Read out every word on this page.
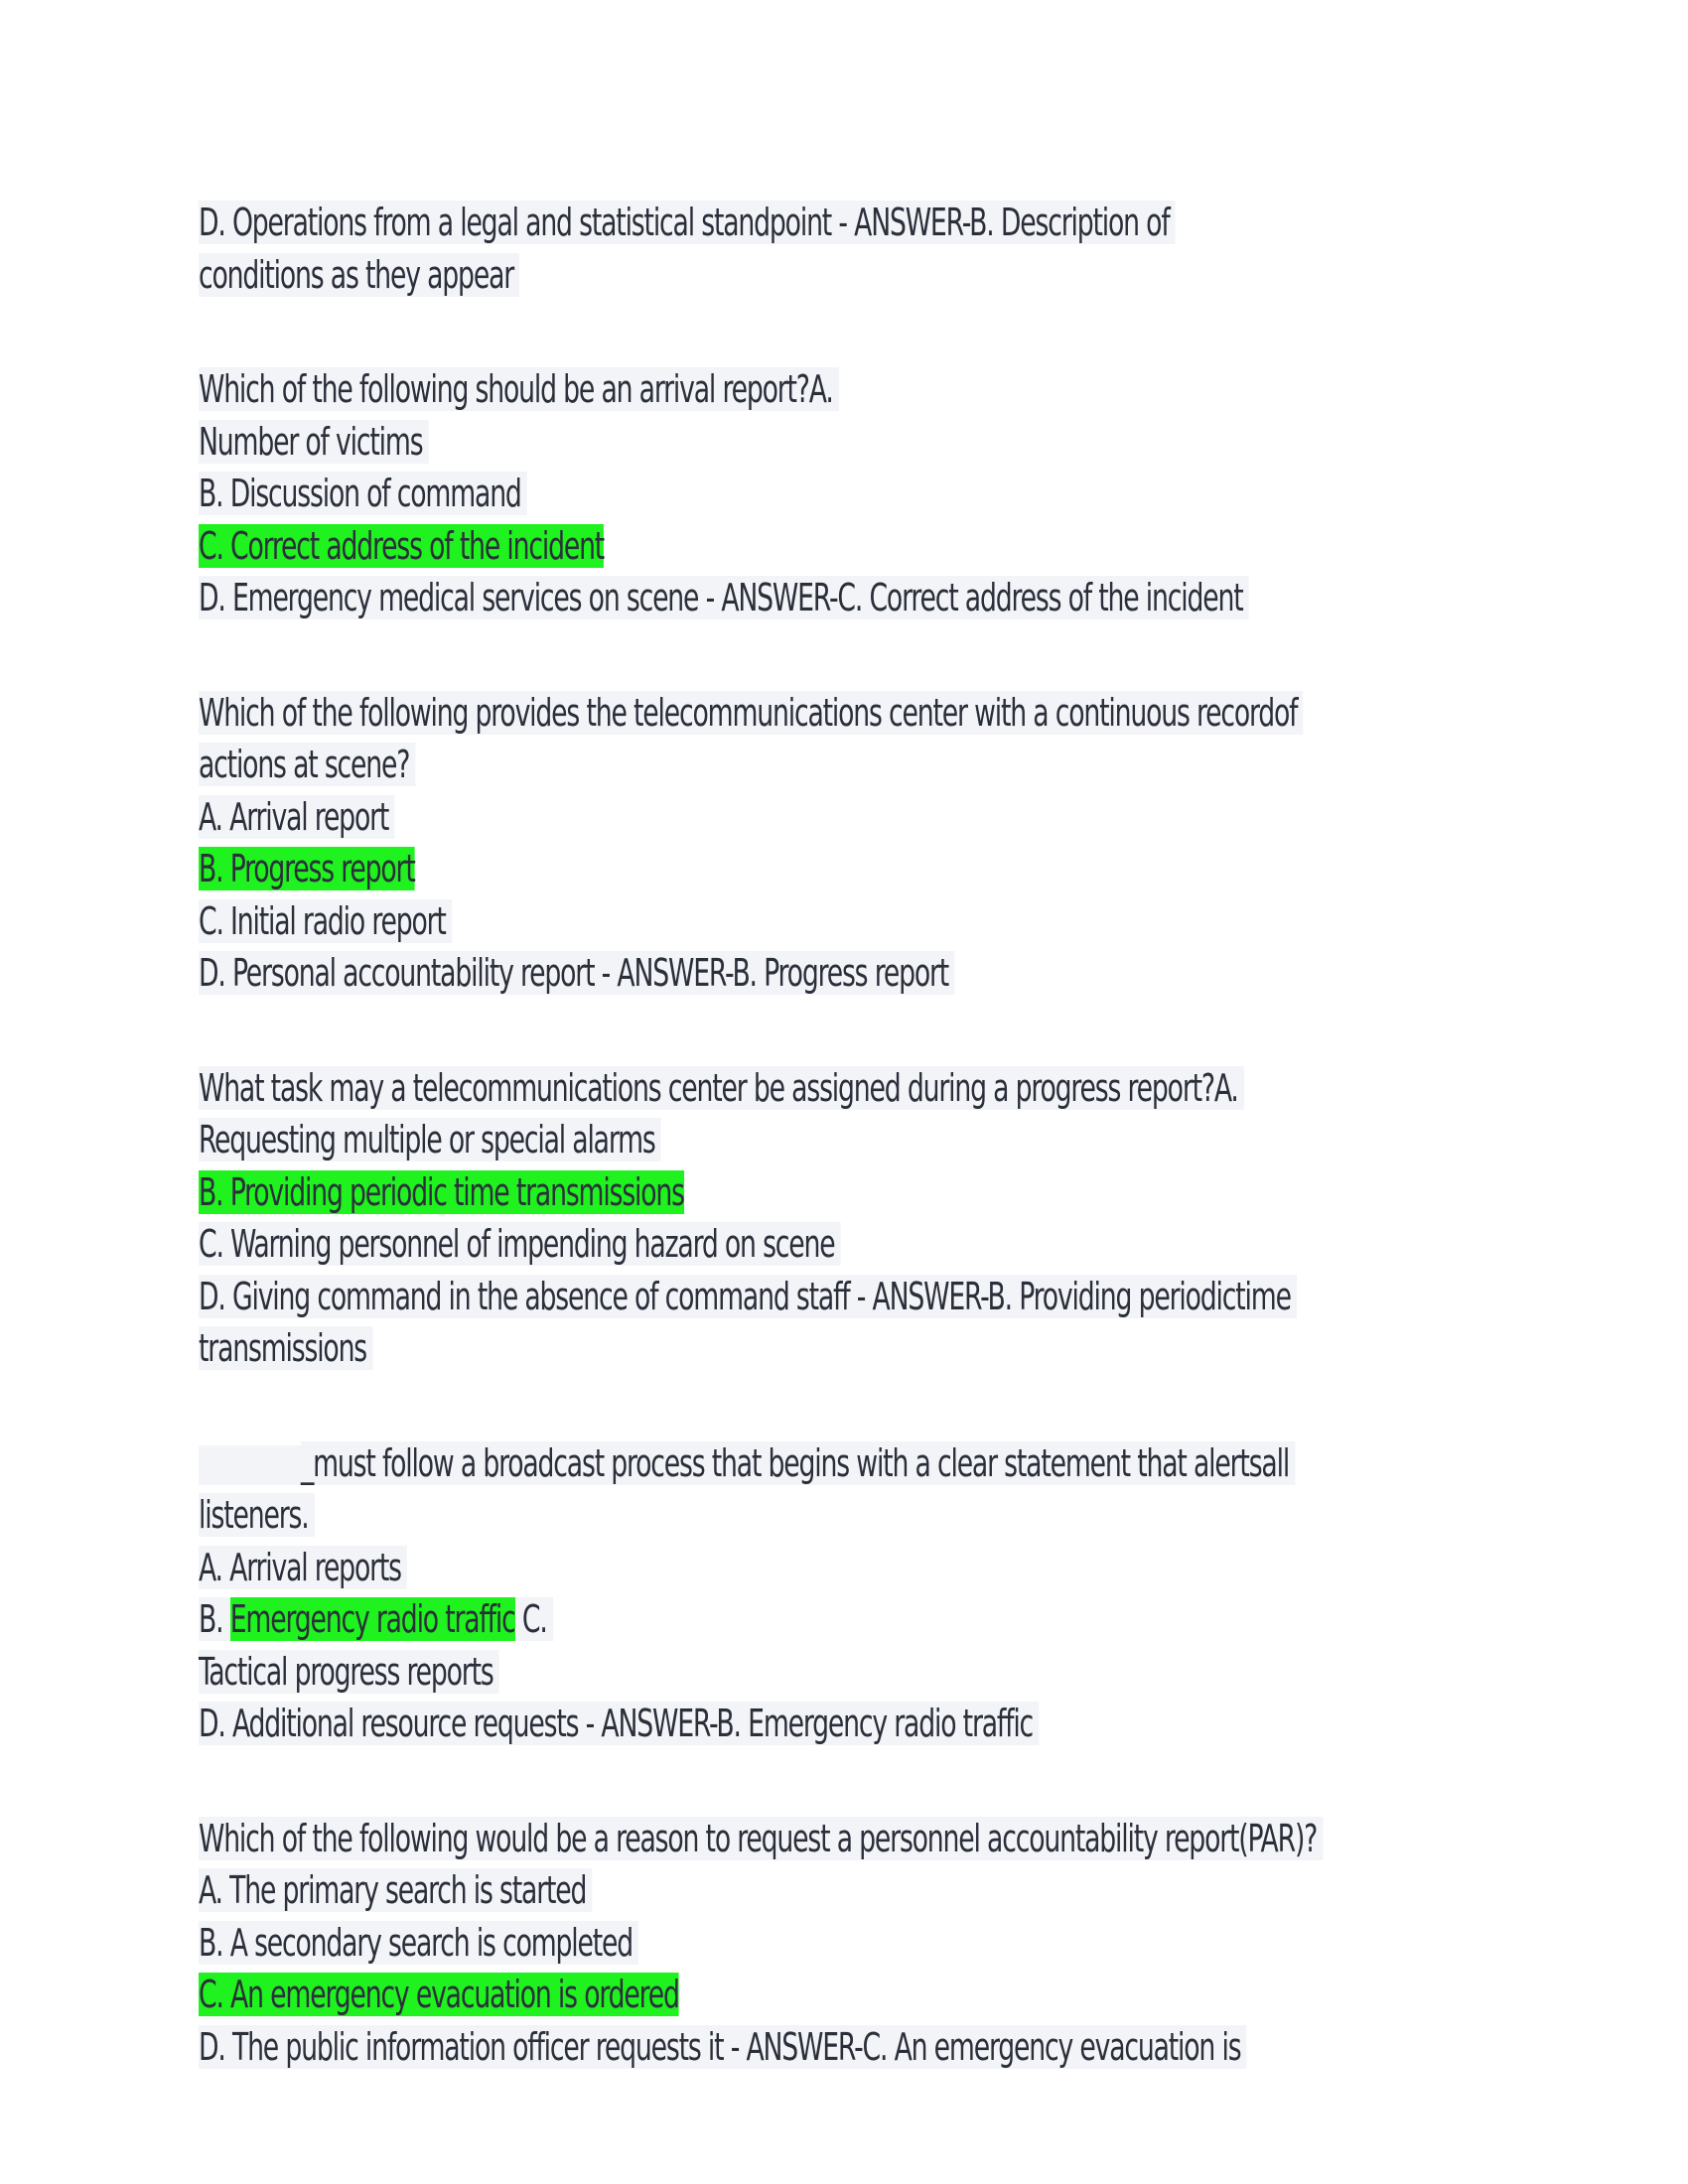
D. Operations from a legal and statistical standpoint - ANSWER-B. Description of
conditions as they appear
Which of the following should be an arrival report?A.
Number of victims
B. Discussion of command
C. Correct address of the incident
D. Emergency medical services on scene - ANSWER-C. Correct address of the incident
Which of the following provides the telecommunications center with a continuous recordof
actions at scene?
A. Arrival report
B. Progress report
C. Initial radio report
D. Personal accountability report - ANSWER-B. Progress report
What task may a telecommunications center be assigned during a progress report?A.
Requesting multiple or special alarms
B. Providing periodic time transmissions
C. Warning personnel of impending hazard on scene
D. Giving command in the absence of command staff - ANSWER-B. Providing periodictime
transmissions
_must follow a broadcast process that begins with a clear statement that alertsall
listeners.
A. Arrival reports
B. Emergency radio traffic C.
Tactical progress reports
D. Additional resource requests - ANSWER-B. Emergency radio traffic
Which of the following would be a reason to request a personnel accountability report(PAR)?
A. The primary search is started
B. A secondary search is completed
C. An emergency evacuation is ordered
D. The public information officer requests it - ANSWER-C. An emergency evacuation is
